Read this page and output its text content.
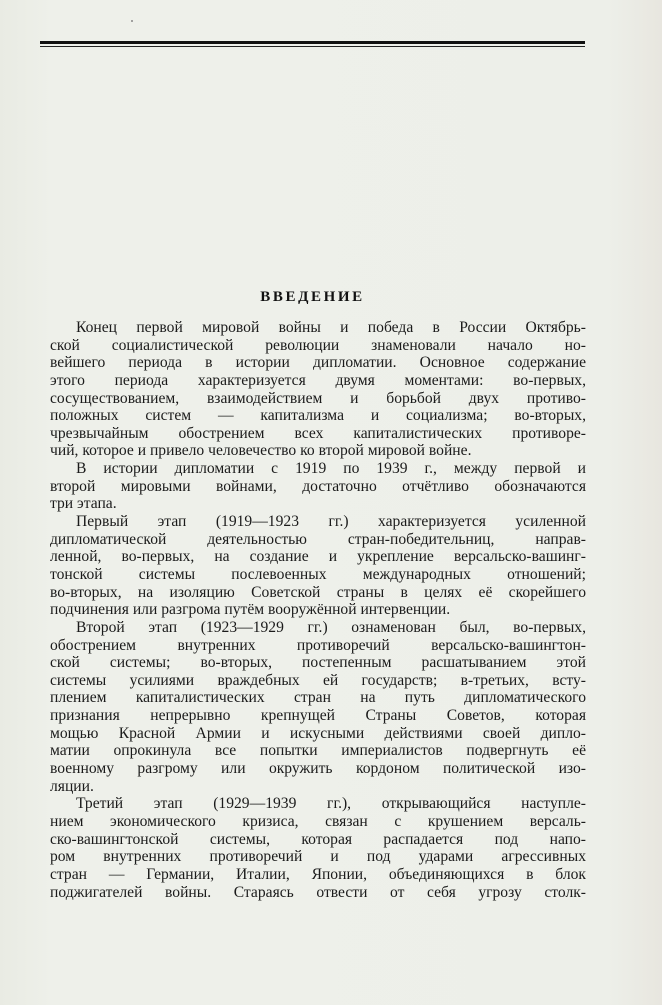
ВВЕДЕНИЕ
Конец первой мировой войны и победа в России Октябрь-
ской социалистической революции знаменовали начало но-
вейшего периода в истории дипломатии. Основное содержание
этого периода характеризуется двумя моментами: во-первых,
сосуществованием, взаимодействием и борьбой двух противо-
положных систем — капитализма и социализма; во-вторых,
чрезвычайным обострением всех капиталистических противоре-
чий, которое и привело человечество ко второй мировой войне.
В истории дипломатии с 1919 по 1939 г., между первой и
второй мировыми войнами, достаточно отчётливо обозначаются
три этапа.
Первый этап (1919—1923 гг.) характеризуется усиленной
дипломатической деятельностью стран-победительниц, направ-
ленной, во-первых, на создание и укрепление версальско-вашинг-
тонской системы послевоенных международных отношений;
во-вторых, на изоляцию Советской страны в целях её скорейшего
подчинения или разгрома путём вооружённой интервенции.
Второй этап (1923—1929 гг.) ознаменован был, во-первых,
обострением внутренних противоречий версальско-вашингтон-
ской системы; во-вторых, постепенным расшатыванием этой
системы усилиями враждебных ей государств; в-третьих, всту-
плением капиталистических стран на путь дипломатического
признания непрерывно крепнущей Страны Советов, которая
мощью Красной Армии и искусными действиями своей дипло-
матии опрокинула все попытки империалистов подвергнуть её
военному разгрому или окружить кордоном политической изо-
ляции.
Третий этап (1929—1939 гг.), открывающийся наступле-
нием экономического кризиса, связан с крушением версаль-
ско-вашингтонской системы, которая распадается под напо-
ром внутренних противоречий и под ударами агрессивных
стран — Германии, Италии, Японии, объединяющихся в блок
поджигателей войны. Стараясь отвести от себя угрозу столк-
